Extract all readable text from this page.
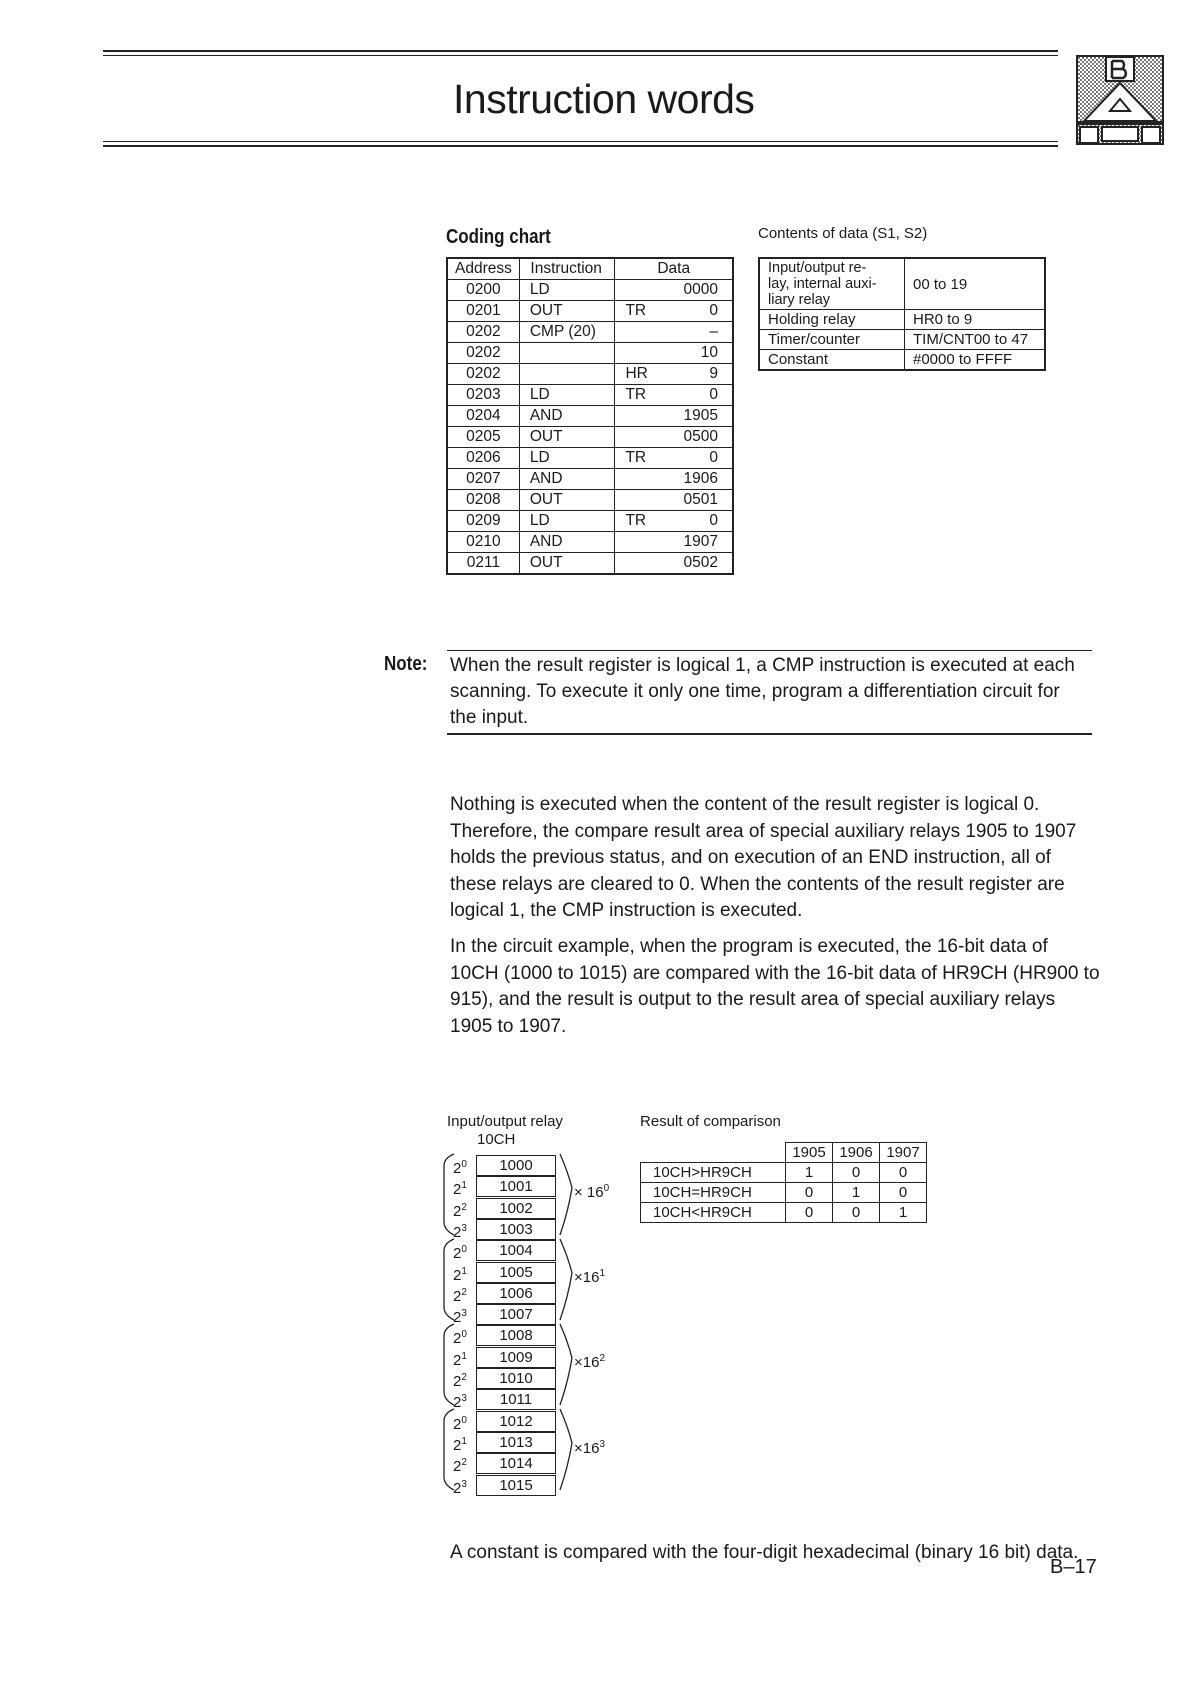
Instruction words
Coding chart
Address	Instruction	Data	
0200	LD		0000
0201	OUT	TR	0
0202	CMP (20)		–
0202			10
0202		HR	9
0203	LD	TR	0
0204	AND		1905
0205	OUT		0500
0206	LD	TR	0
0207	AND		1906
0208	OUT		0501
0209	LD	TR	0
0210	AND		1907
0211	OUT		0502
Contents of data (S1, S2)
Input/output re-
lay, internal auxi-
liary relay	00 to 19
Holding relay	HR0 to 9
Timer/counter	TIM/CNT00 to 47
Constant	#0000 to FFFF
Note: When the result register is logical 1, a CMP instruction is executed at each scanning. To execute it only one time, program a differentiation circuit for the input.

Nothing is executed when the content of the result register is logical 0. Therefore, the compare result area of special auxiliary relays 1905 to 1907 holds the previous status, and on execution of an END instruction, all of these relays are cleared to 0. When the contents of the result register are logical 1, the CMP instruction is executed.

In the circuit example, when the program is executed, the 16-bit data of 10CH (1000 to 1015) are compared with the 16-bit data of HR9CH (HR900 to 915), and the result is output to the result area of special auxiliary relays 1905 to 1907.

Input/output relay
10CH
1000
$2^0$
1001
$2^1$
1002
$2^2$
1003
$2^3$
1004
$2^0$
1005
$2^1$
1006
$2^2$
1007
$2^3$
1008
$2^0$
1009
$2^1$
1010
$2^2$
1011
$2^3$
1012
$2^0$
1013
$2^1$
1014
$2^2$
1015
$2^3$
× $16^0$
$\times 16^1$
$\times 16^2$
$\times 16^3$
Result of comparison
	1905	1906	1907
10CH>HR9CH	1	0	0
10CH=HR9CH	0	1	0
10CH<HR9CH	0	0	1

A constant is compared with the four-digit hexadecimal (binary 16 bit) data.

B–17
